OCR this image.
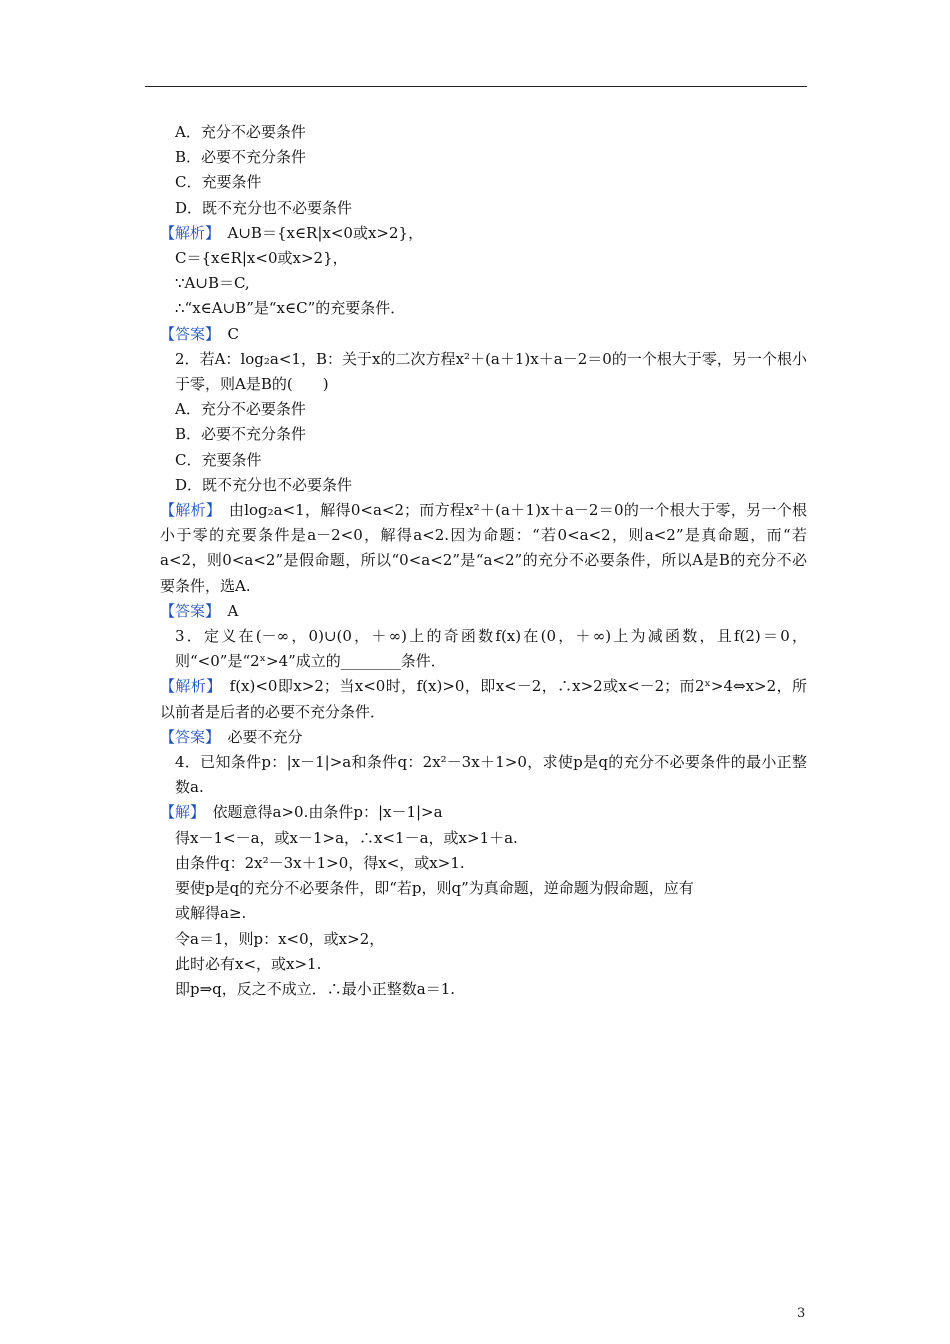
A．充分不必要条件
B．必要不充分条件
C．充要条件
D．既不充分也不必要条件
【解析】　A∪B＝{x∈R|x<0或x>2}，
C＝{x∈R|x<0或x>2}，
∵A∪B＝C,
∴“x∈A∪B”是“x∈C”的充要条件．
【答案】　C
2．若A：log₂a<1，B：关于x的二次方程x²＋(a＋1)x＋a－2＝0的一个根大于零，另一个根小于零，则A是B的(　　)
A．充分不必要条件
B．必要不充分条件
C．充要条件
D．既不充分也不必要条件
【解析】　由log₂a<1，解得0<a<2；而方程x²＋(a＋1)x＋a－2＝0的一个根大于零，另一个根小于零的充要条件是a－2<0，解得a<2.因为命题：“若0<a<2，则a<2”是真命题，而“若a<2，则0<a<2”是假命题，所以“0<a<2”是“a<2”的充分不必要条件，所以A是B的充分不必要条件，选A.
【答案】　A
3．定义在(－∞，0)∪(0，＋∞)上的奇函数f(x)在(0，＋∞)上为减函数，且f(2)＝0，则“<0”是“2ˣ>4”成立的________条件．
【解析】　f(x)<0即x>2；当x<0时，f(x)>0，即x<－2，∴x>2或x<－2；而2ˣ>4⇔x>2，所以前者是后者的必要不充分条件．
【答案】　必要不充分
4．已知条件p：|x－1|>a和条件q：2x²－3x＋1>0，求使p是q的充分不必要条件的最小正整数a.
【解】　依题意得a>0.由条件p：|x－1|>a
得x－1<－a，或x－1>a，∴x<1－a，或x>1＋a.
由条件q：2x²－3x＋1>0，得x<，或x>1.
要使p是q的充分不必要条件，即“若p，则q”为真命题，逆命题为假命题，应有
或解得a≥.
令a＝1，则p：x<0，或x>2，
此时必有x<，或x>1.
即p⇒q，反之不成立．∴最小正整数a＝1.
3
